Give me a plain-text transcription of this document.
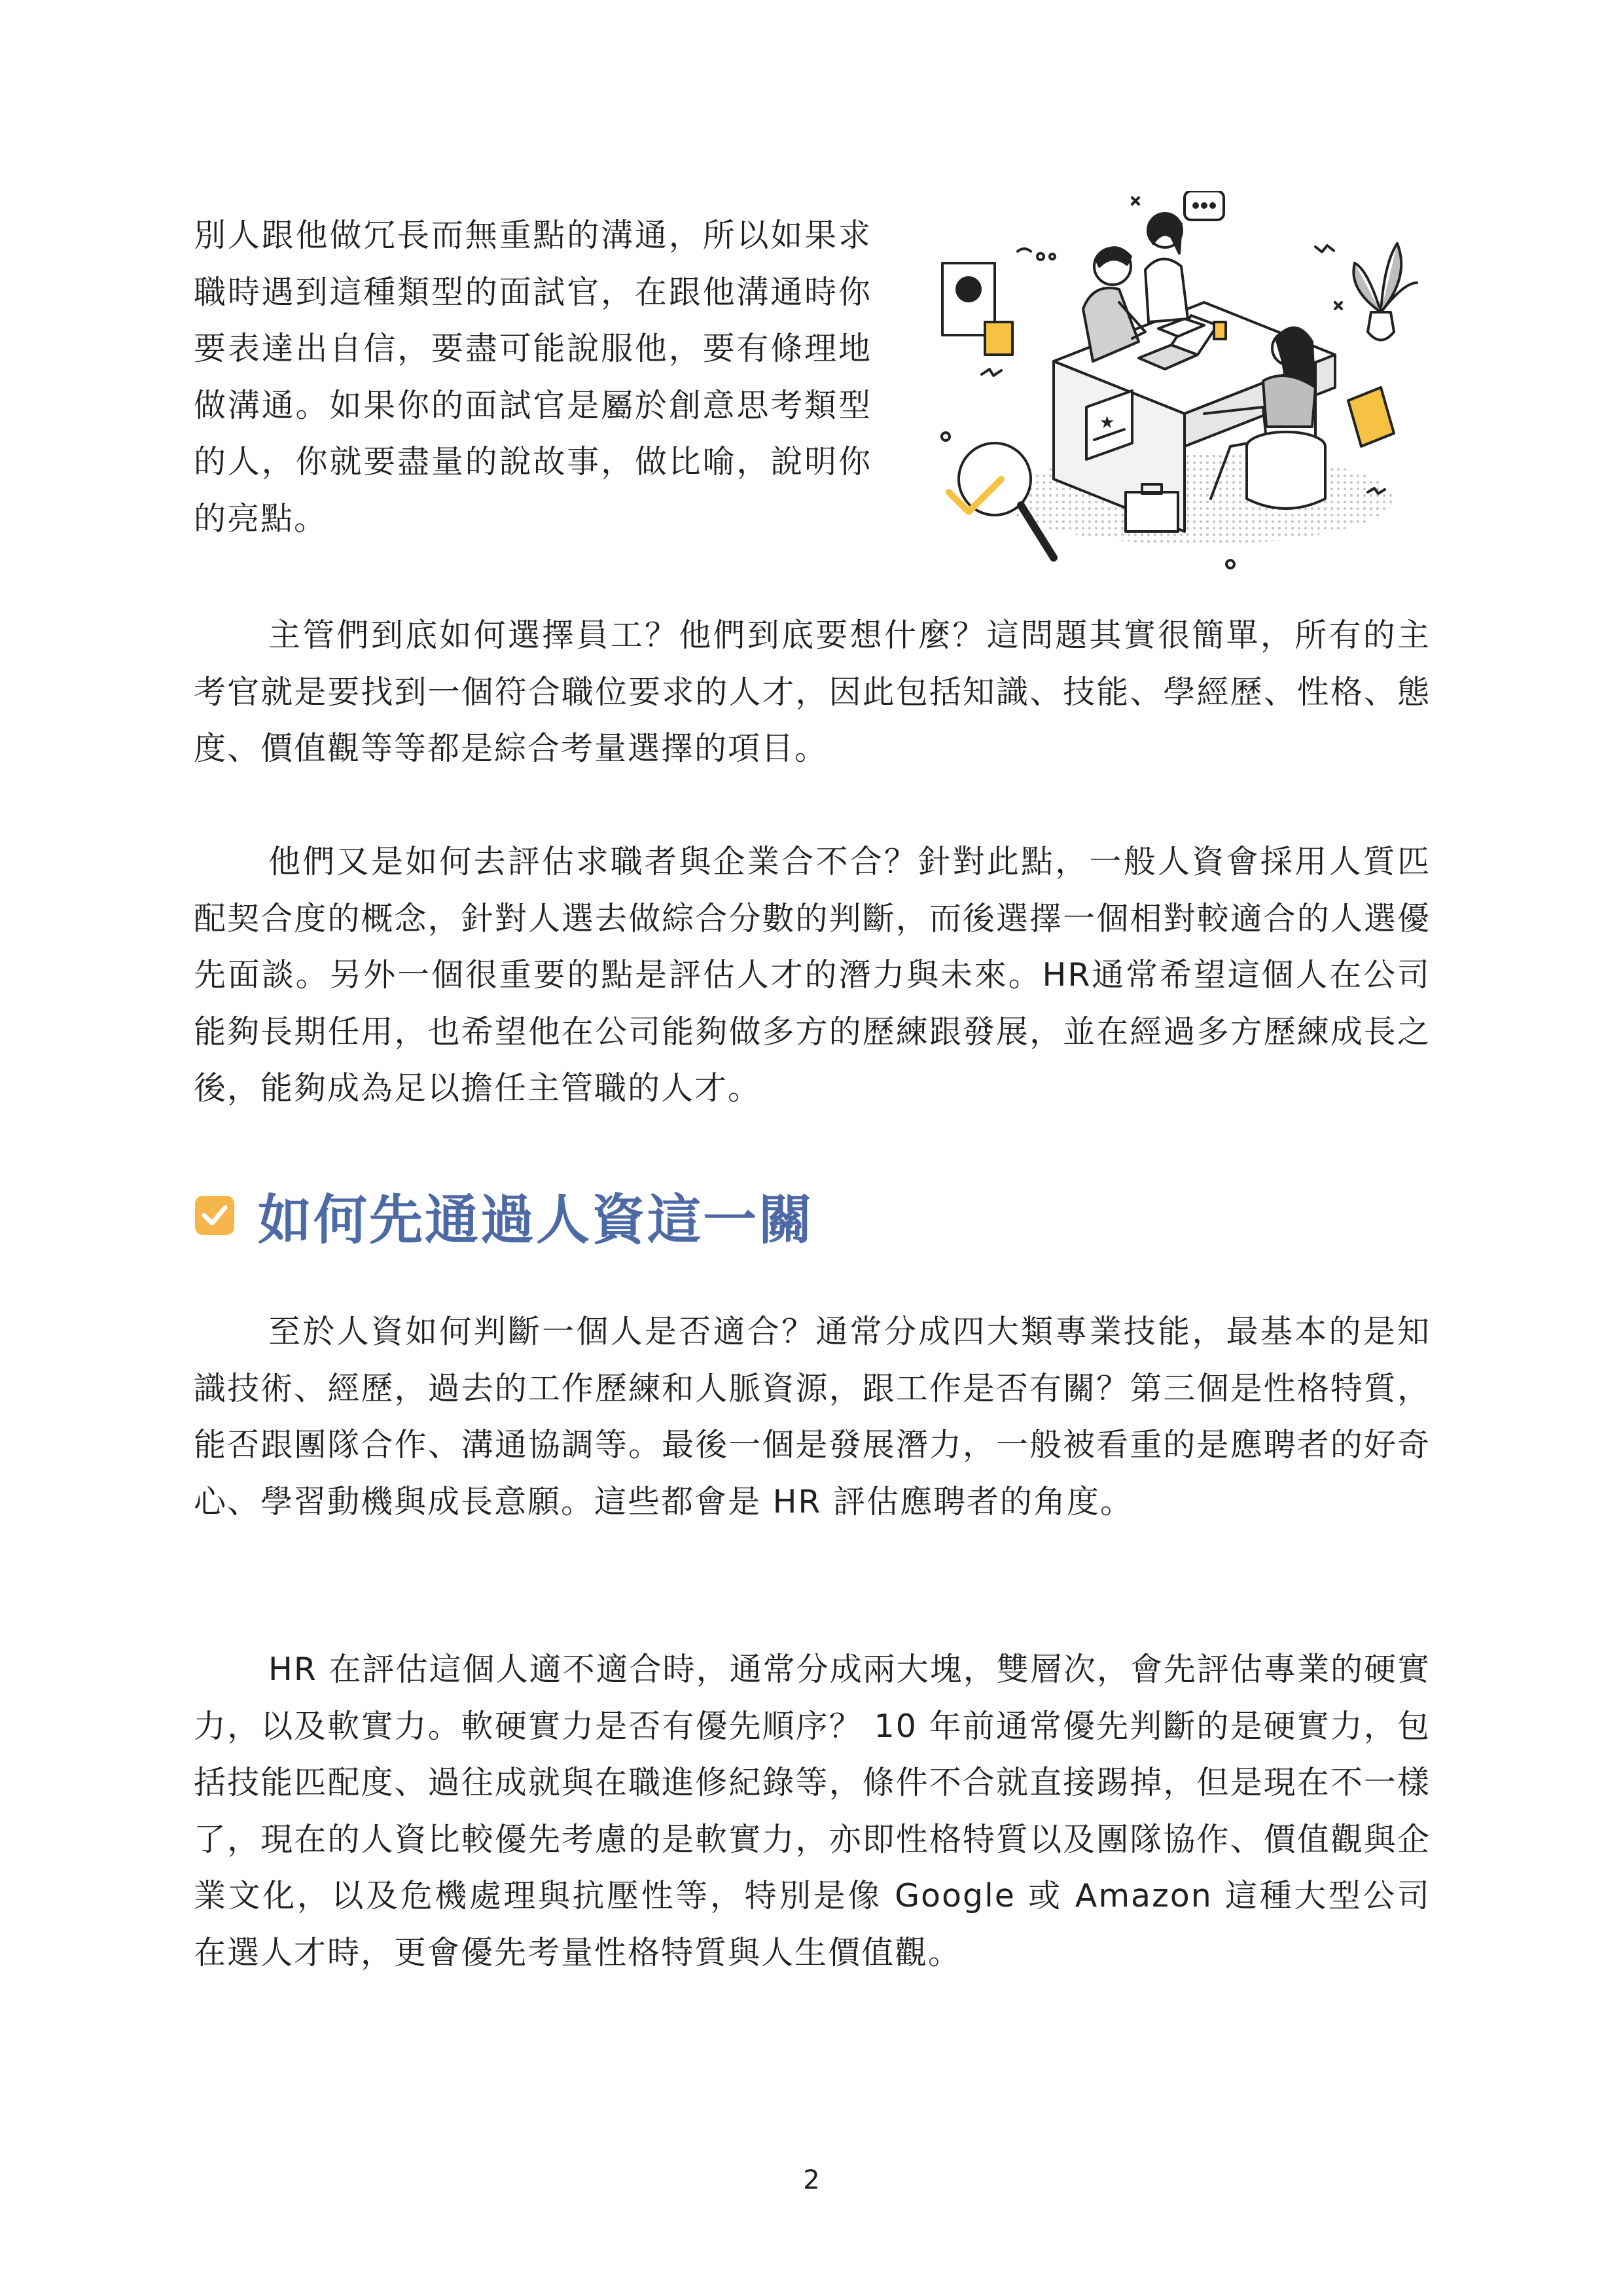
別人跟他做冗長而無重點的溝通，所以如果求職時遇到這種類型的面試官，在跟他溝通時你要表達出自信，要盡可能說服他，要有條理地做溝通。如果你的面試官是屬於創意思考類型的人，你就要盡量的說故事，做比喻，說明你的亮點。

★

主管們到底如何選擇員工？他們到底要想什麼？這問題其實很簡單，所有的主考官就是要找到一個符合職位要求的人才，因此包括知識、技能、學經歷、性格、態度、價值觀等等都是綜合考量選擇的項目。

他們又是如何去評估求職者與企業合不合？針對此點，一般人資會採用人質匹配契合度的概念，針對人選去做綜合分數的判斷，而後選擇一個相對較適合的人選優先面談。另外一個很重要的點是評估人才的潛力與未來。HR通常希望這個人在公司能夠長期任用，也希望他在公司能夠做多方的歷練跟發展，並在經過多方歷練成長之後，能夠成為足以擔任主管職的人才。

如何先通過人資這一關

至於人資如何判斷一個人是否適合？通常分成四大類專業技能，最基本的是知識技術、經歷，過去的工作歷練和人脈資源，跟工作是否有關？第三個是性格特質，能否跟團隊合作、溝通協調等。最後一個是發展潛力，一般被看重的是應聘者的好奇心、學習動機與成長意願。這些都會是 HR 評估應聘者的角度。

HR 在評估這個人適不適合時，通常分成兩大塊，雙層次，會先評估專業的硬實力，以及軟實力。軟硬實力是否有優先順序？ 10 年前通常優先判斷的是硬實力，包括技能匹配度、過往成就與在職進修紀錄等，條件不合就直接踢掉，但是現在不一樣了，現在的人資比較優先考慮的是軟實力，亦即性格特質以及團隊協作、價值觀與企業文化，以及危機處理與抗壓性等，特別是像 Google 或 Amazon 這種大型公司在選人才時，更會優先考量性格特質與人生價值觀。

2
